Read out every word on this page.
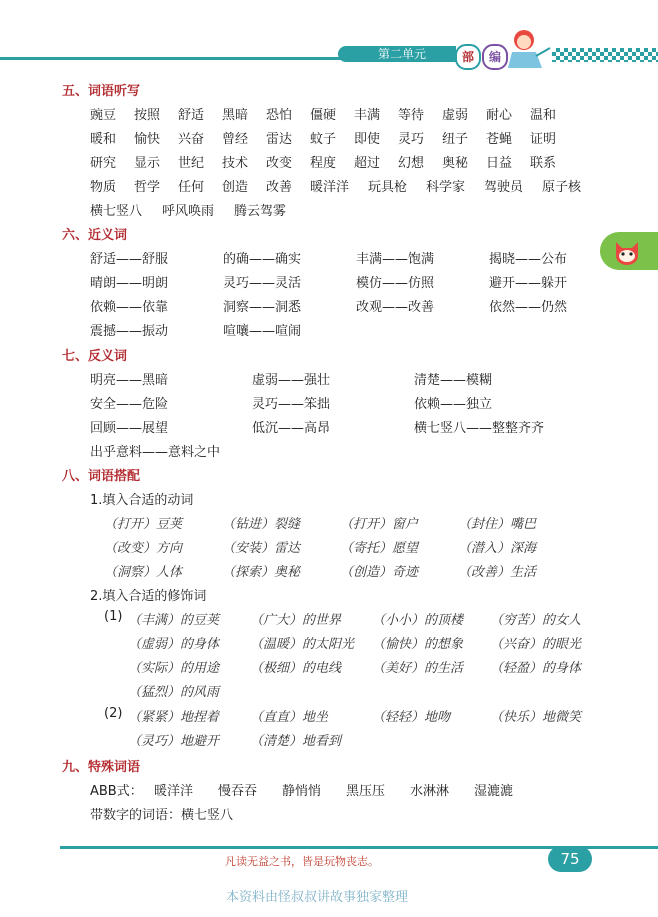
第二单元	部	编
五、词语听写
豌豆 按照 舒适 黑暗 恐怕 僵硬 丰满 等待 虚弱 耐心 温和
暖和 愉快 兴奋 曾经 雷达 蚊子 即使 灵巧 纽子 苍蝇 证明
研究 显示 世纪 技术 改变 程度 超过 幻想 奥秘 日益 联系
物质 哲学 任何 创造 改善 暖洋洋 玩具枪 科学家 驾驶员 原子核
横七竖八 呼风唤雨 腾云驾雾
六、近义词
舒适——舒服	的确——确实	丰满——饱满	揭晓——公布
晴朗——明朗	灵巧——灵活	模仿——仿照	避开——躲开
依赖——依靠	洞察——洞悉	改观——改善	依然——仍然
震撼——振动	喧嚷——喧闹
七、反义词
明亮——黑暗	虚弱——强壮	清楚——模糊
安全——危险	灵巧——笨拙	依赖——独立
回顾——展望	低沉——高昂	横七竖八——整整齐齐
出乎意料——意料之中
八、词语搭配
1.填入合适的动词
（打开）豆荚	（钻进）裂缝	（打开）窗户	（封住）嘴巴
（改变）方向	（安装）雷达	（寄托）愿望	（潜入）深海
（洞察）人体	（探索）奥秘	（创造）奇迹	（改善）生活
2.填入合适的修饰词
(1) （丰满）的豆荚 （广大）的世界 （小小）的顶楼 （穷苦）的女人
（虚弱）的身体 （温暖）的太阳光 （愉快）的想象 （兴奋）的眼光
（实际）的用途 （极细）的电线 （美好）的生活 （轻盈）的身体
（猛烈）的风雨
(2) （紧紧）地捏着 （直直）地坐	（轻轻）地吻	（快乐）地微笑
（灵巧）地避开 （清楚）地看到
九、特殊词语
ABB式： 暖洋洋 慢吞吞 静悄悄 黑压压 水淋淋 湿漉漉
带数字的词语：横七竖八
凡读无益之书，皆是玩物丧志。	75
本资料由怪叔叔讲故事独家整理
